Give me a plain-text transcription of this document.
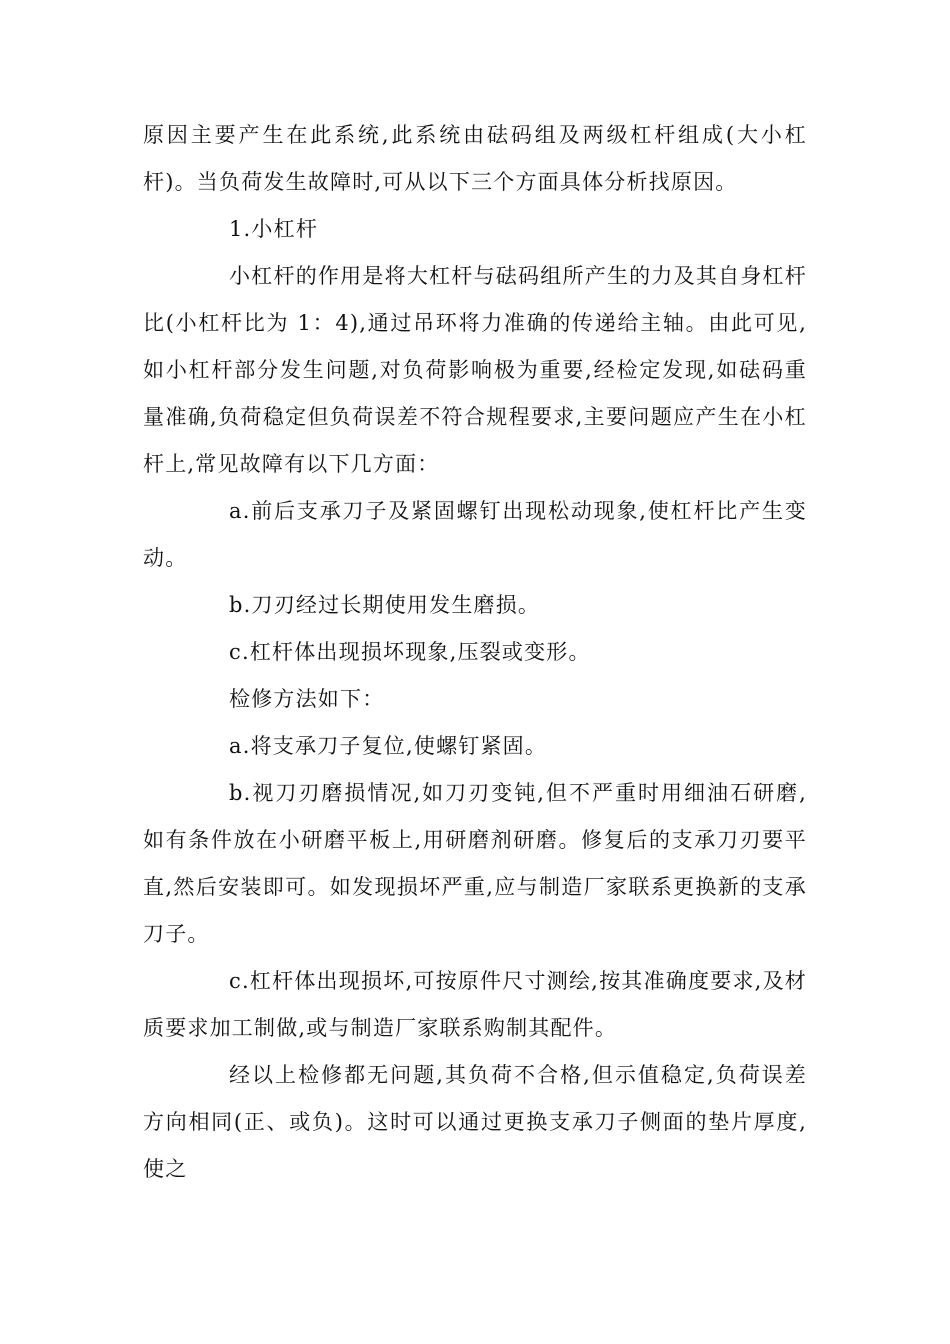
原因主要产生在此系统,此系统由砝码组及两级杠杆组成(大小杠杆)。当负荷发生故障时,可从以下三个方面具体分析找原因。

1.小杠杆

小杠杆的作用是将大杠杆与砝码组所产生的力及其自身杠杆比(小杠杆比为 1：4),通过吊环将力准确的传递给主轴。由此可见,如小杠杆部分发生问题,对负荷影响极为重要,经检定发现,如砝码重量准确,负荷稳定但负荷误差不符合规程要求,主要问题应产生在小杠杆上,常见故障有以下几方面：

a.前后支承刀子及紧固螺钉出现松动现象,使杠杆比产生变动。

b.刀刃经过长期使用发生磨损。

c.杠杆体出现损坏现象,压裂或变形。

检修方法如下：

a.将支承刀子复位,使螺钉紧固。

b.视刀刃磨损情况,如刀刃变钝,但不严重时用细油石研磨,如有条件放在小研磨平板上,用研磨剂研磨。修复后的支承刀刃要平直,然后安装即可。如发现损坏严重,应与制造厂家联系更换新的支承刀子。

c.杠杆体出现损坏,可按原件尺寸测绘,按其准确度要求,及材质要求加工制做,或与制造厂家联系购制其配件。

经以上检修都无问题,其负荷不合格,但示值稳定,负荷误差方向相同(正、或负)。这时可以通过更换支承刀子侧面的垫片厚度,使之
